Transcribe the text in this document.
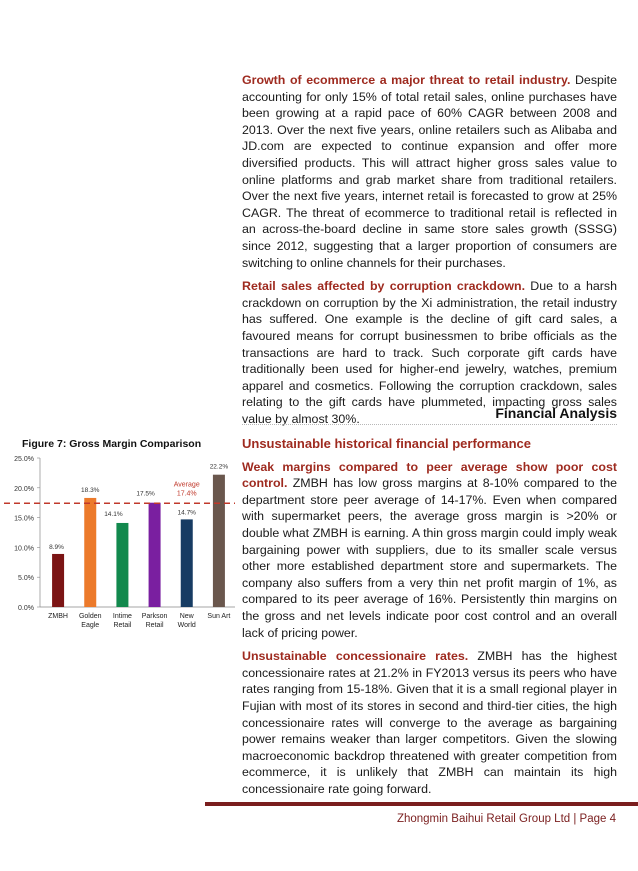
Growth of ecommerce a major threat to retail industry. Despite accounting for only 15% of total retail sales, online purchases have been growing at a rapid pace of 60% CAGR between 2008 and 2013. Over the next five years, online retailers such as Alibaba and JD.com are expected to continue expansion and offer more diversified products. This will attract higher gross sales value to online platforms and grab market share from traditional retailers. Over the next five years, internet retail is forecasted to grow at 25% CAGR. The threat of ecommerce to traditional retail is reflected in an across-the-board decline in same store sales growth (SSSG) since 2012, suggesting that a larger proportion of consumers are switching to online channels for their purchases.

Retail sales affected by corruption crackdown. Due to a harsh crackdown on corruption by the Xi administration, the retail industry has suffered. One example is the decline of gift card sales, a favoured means for corrupt businessmen to bribe officials as the transactions are hard to track. Such corporate gift cards have traditionally been used for higher-end jewelry, watches, premium apparel and cosmetics. Following the corruption crackdown, sales relating to the gift cards have plummeted, impacting gross sales value by almost 30%.	Financial Analysis

Unsustainable historical financial performance

Weak margins compared to peer average show poor cost control. ZMBH has low gross margins at 8-10% compared to the department store peer average of 14-17%. Even when compared with supermarket peers, the average gross margin is >20% or double what ZMBH is earning. A thin gross margin could imply weak bargaining power with suppliers, due to its smaller scale versus other more established department store and supermarkets. The company also suffers from a very thin net profit margin of 1%, as compared to its peer average of 16%. Persistently thin margins on the gross and net levels indicate poor cost control and an overall lack of pricing power.

Unsustainable concessionaire rates. ZMBH has the highest concessionaire rates at 21.2% in FY2013 versus its peers who have rates ranging from 15-18%. Given that it is a small regional player in Fujian with most of its stores in second and third-tier cities, the high concessionaire rates will converge to the average as bargaining power remains weaker than larger competitors. Given the slowing macroeconomic backdrop threatened with greater competition from ecommerce, it is unlikely that ZMBH can maintain its high concessionaire rate going forward.

Figure 7: Gross Margin Comparison
0.0%
5.0%
10.0%
15.0%
20.0%
25.0%
8.9%
ZMBH
18.3%
Golden
Eagle
14.1%
Intime
Retail
17.5%
Parkson
Retail
14.7%
New
World
22.2%
Sun Art
Average
17.4%
Zhongmin Baihui Retail Group Ltd | Page 4
